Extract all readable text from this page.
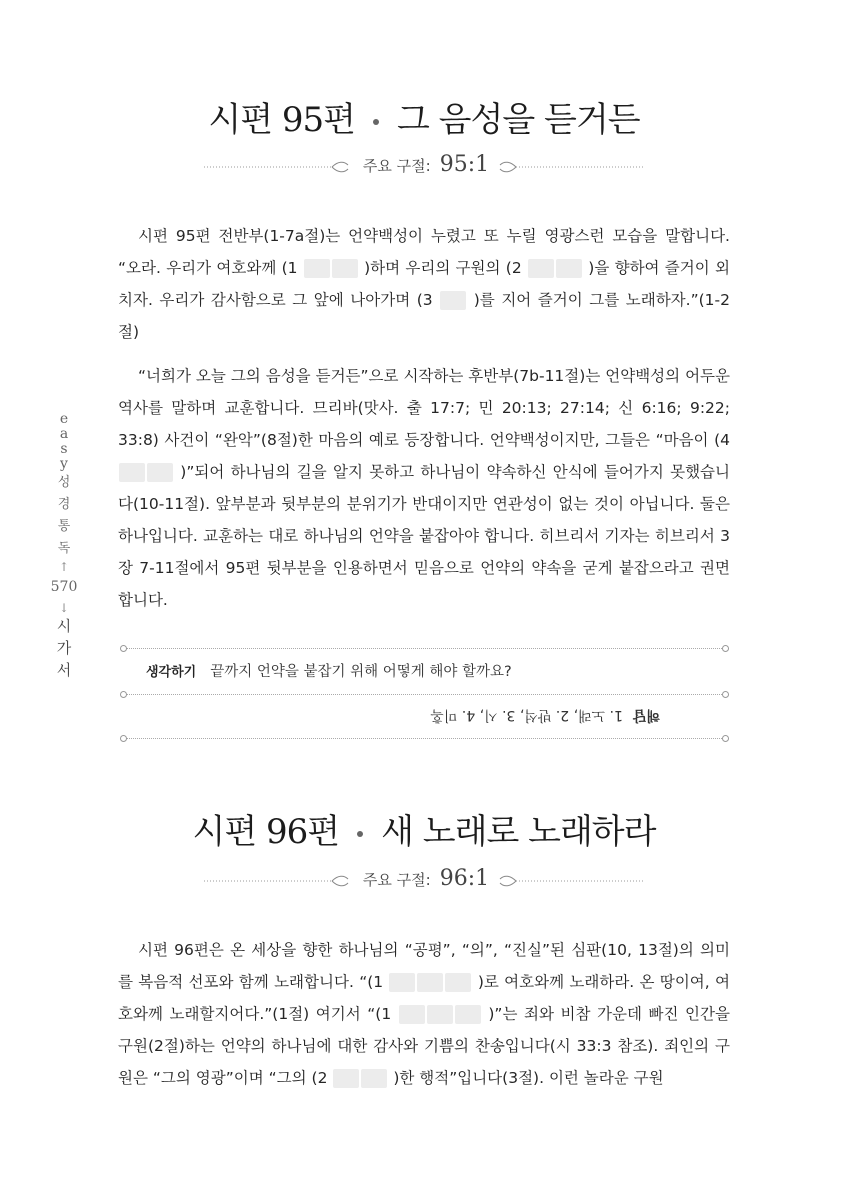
시편 95편 그 음성을 듣거든
주요 구절: 95:1
시편 95편 전반부(1-7a절)는 언약백성이 누렸고 또 누릴 영광스런 모습을 말합니다. “오라. 우리가 여호와께 (1	)하며 우리의 구원의 (2	)을 향하여 즐거이 외치자. 우리가 감사함으로 그 앞에 나아가며 (3	)를 지어 즐거이 그를 노래하자.”(1-2절)
“너희가 오늘 그의 음성을 듣거든”으로 시작하는 후반부(7b-11절)는 언약백성의 어두운 역사를 말하며 교훈합니다. 므리바(맛사. 출 17:7; 민 20:13; 27:14; 신 6:16; 9:22; 33:8) 사건이 “완악”(8절)한 마음의 예로 등장합니다. 언약백성이지만, 그들은 “마음이 (4  )”되어 하나님의 길을 알지 못하고 하나님이 약속하신 안식에 들어가지 못했습니다(10-11절). 앞부분과 뒷부분의 분위기가 반대이지만 연관성이 없는 것이 아닙니다. 둘은 하나입니다. 교훈하는 대로 하나님의 언약을 붙잡아야 합니다. 히브리서 기자는 히브리서 3장 7-11절에서 95편 뒷부분을 인용하면서 믿음으로 언약의 약속을 굳게 붙잡으라고 권면합니다.
e
a
s
y
성
경
통
독
↑
570
↓
시
가
서	생각하기 끝까지 언약을 붙잡기 위해 어떻게 해야 할까요?
해답1. 노래, 2. 반석, 3. 시, 4. 미혹
시편 96편 새 노래로 노래하라
주요 구절: 96:1
시편 96편은 온 세상을 향한 하나님의 “공평”, “의”, “진실”된 심판(10, 13절)의 의미를 복음적 선포와 함께 노래합니다. “(1	)로 여호와께 노래하라. 온 땅이여, 여호와께 노래할지어다.”(1절) 여기서 “(1	)”는 죄와 비참 가운데 빠진 인간을 구원(2절)하는 언약의 하나님에 대한 감사와 기쁨의 찬송입니다(시 33:3 참조). 죄인의 구원은 “그의 영광”이며 “그의 (2	)한 행적”입니다(3절). 이런 놀라운 구원
